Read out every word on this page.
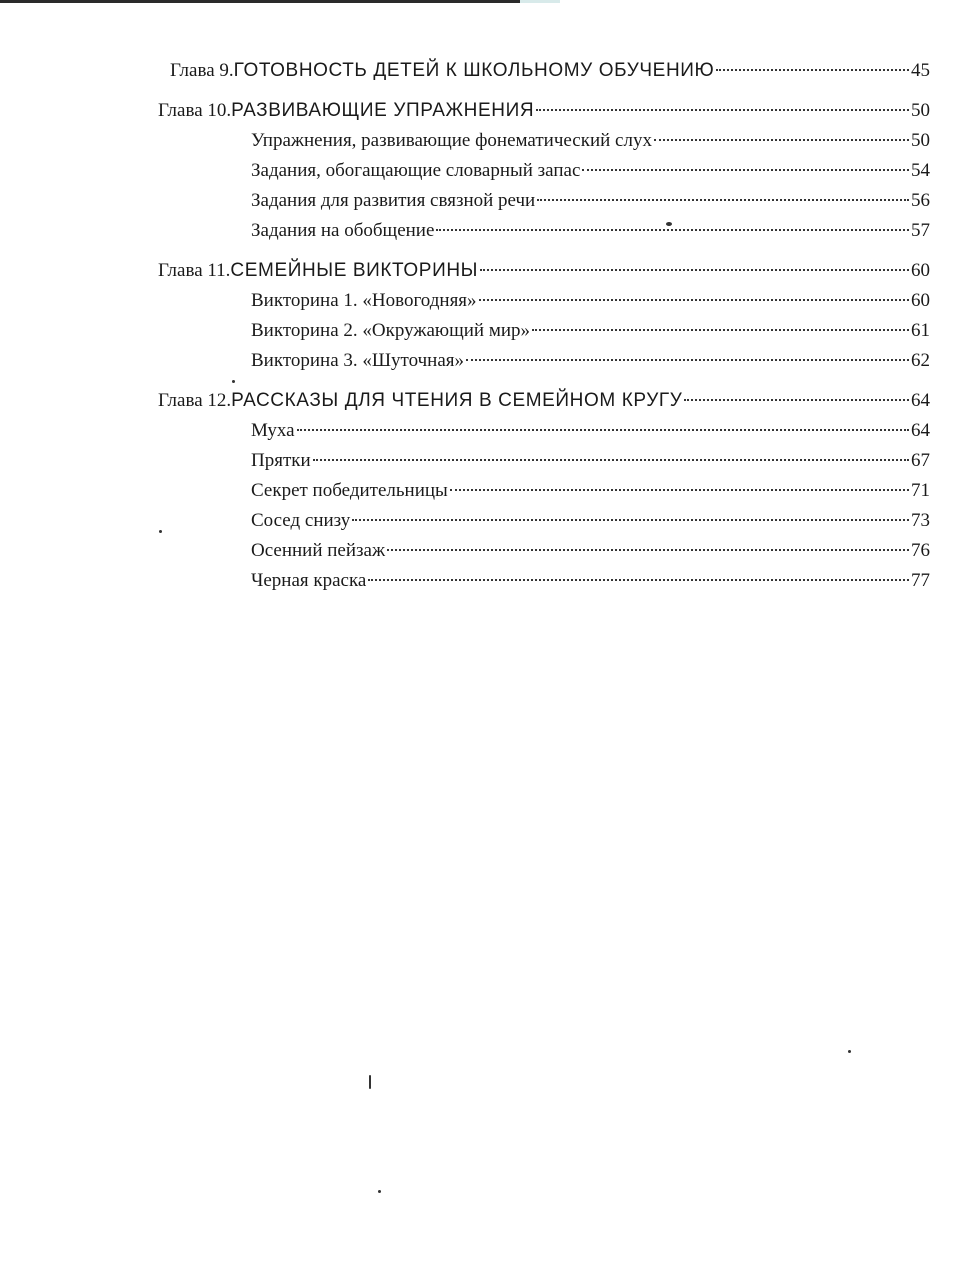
Глава 9. ГОТОВНОСТЬ ДЕТЕЙ К ШКОЛЬНОМУ ОБУЧЕНИЮ	45
Глава 10. РАЗВИВАЮЩИЕ УПРАЖНЕНИЯ	50
Упражнения, развивающие фонематический слух	50
Задания, обогащающие словарный запас	54
Задания для развития связной речи	56
Задания на обобщение	57
Глава 11. СЕМЕЙНЫЕ ВИКТОРИНЫ	60
Викторина 1. «Новогодняя»	60
Викторина 2. «Окружающий мир»	61
Викторина 3. «Шуточная»	62
Глава 12. РАССКАЗЫ ДЛЯ ЧТЕНИЯ В СЕМЕЙНОМ КРУГУ	64
Муха	64
Прятки	67
Секрет победительницы	71
Сосед снизу	73
Осенний пейзаж	76
Черная краска	77
